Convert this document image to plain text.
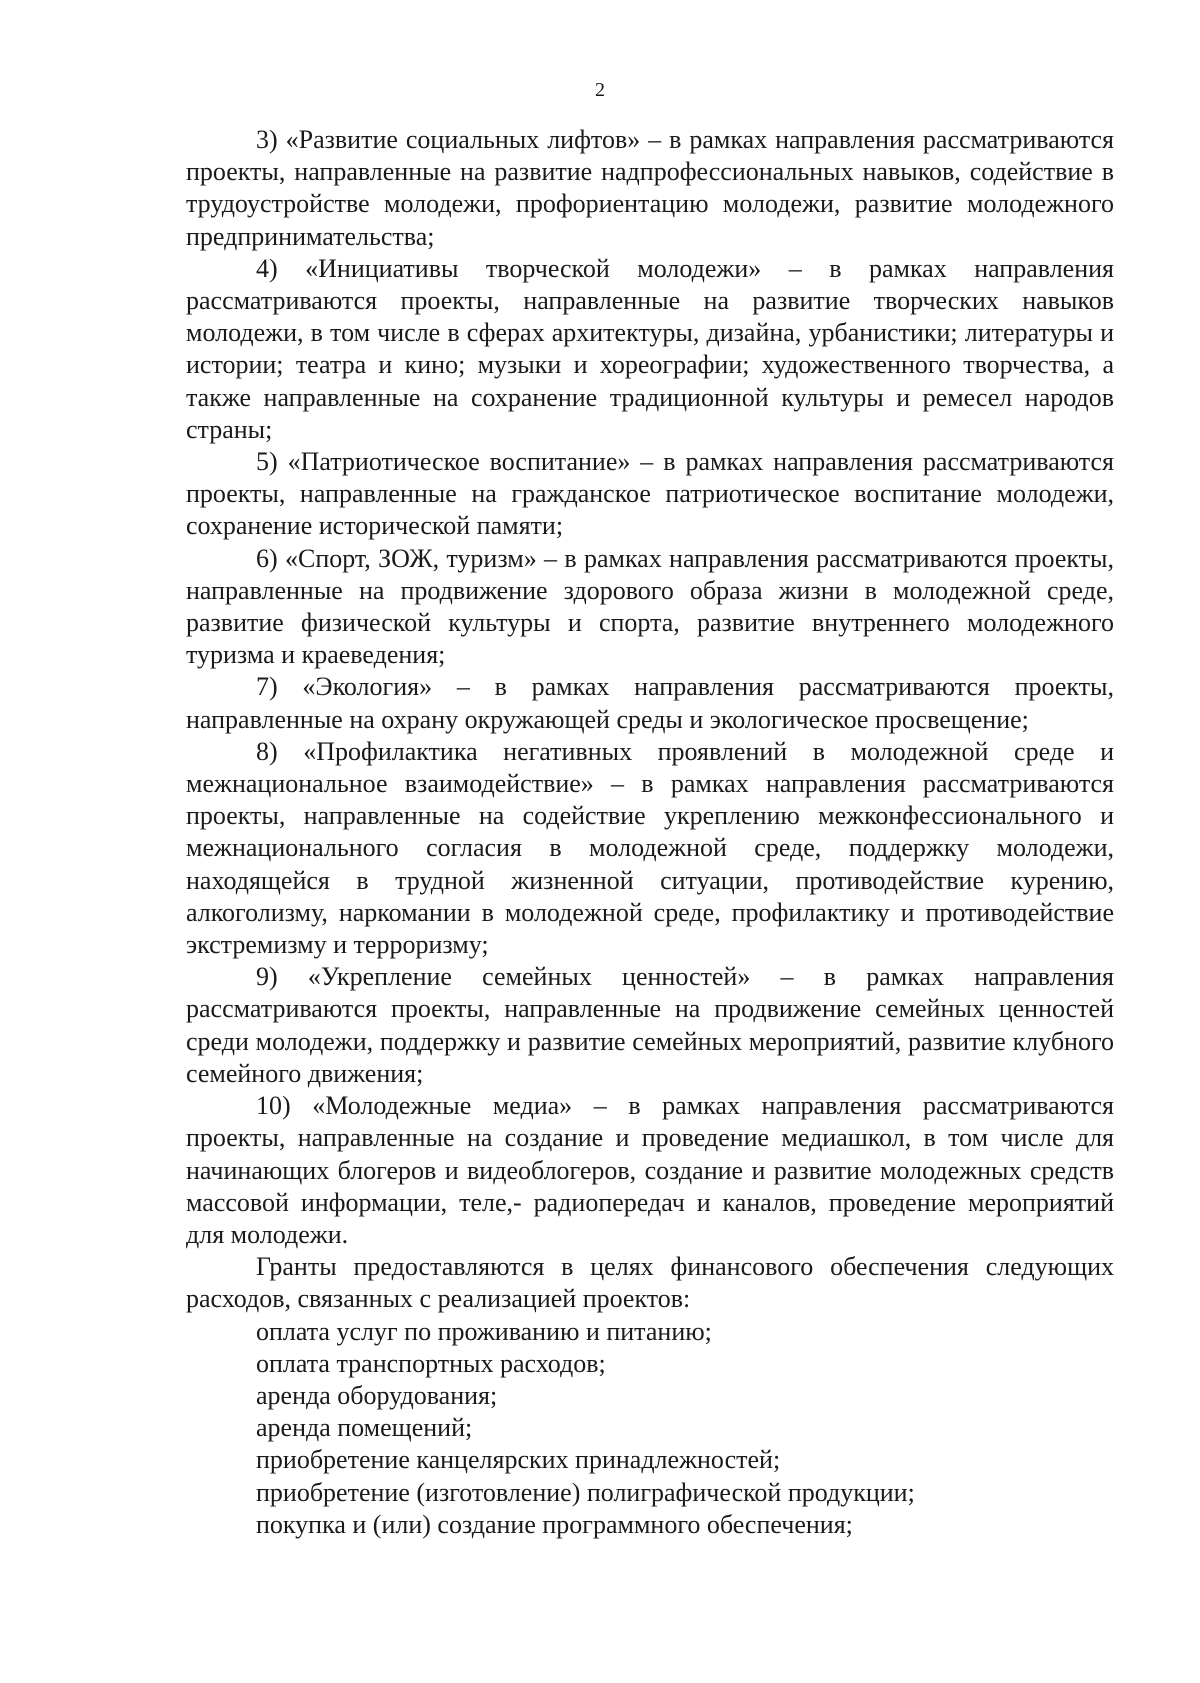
2

3) «Развитие социальных лифтов» – в рамках направления рассматриваются проекты, направленные на развитие надпрофессиональных навыков, содействие в трудоустройстве молодежи, профориентацию молодежи, развитие молодежного предпринимательства;

4) «Инициативы творческой молодежи» – в рамках направления рассматриваются проекты, направленные на развитие творческих навыков молодежи, в том числе в сферах архитектуры, дизайна, урбанистики; литературы и истории; театра и кино; музыки и хореографии; художественного творчества, а также направленные на сохранение традиционной культуры и ремесел народов страны;

5) «Патриотическое воспитание» – в рамках направления рассматриваются проекты, направленные на гражданское патриотическое воспитание молодежи, сохранение исторической памяти;

6) «Спорт, ЗОЖ, туризм» – в рамках направления рассматриваются проекты, направленные на продвижение здорового образа жизни в молодежной среде, развитие физической культуры и спорта, развитие внутреннего молодежного туризма и краеведения;

7) «Экология» – в рамках направления рассматриваются проекты, направленные на охрану окружающей среды и экологическое просвещение;

8) «Профилактика негативных проявлений в молодежной среде и межнациональное взаимодействие» – в рамках направления рассматриваются проекты, направленные на содействие укреплению межконфессионального и межнационального согласия в молодежной среде, поддержку молодежи, находящейся в трудной жизненной ситуации, противодействие курению, алкоголизму, наркомании в молодежной среде, профилактику и противодействие экстремизму и терроризму;

9) «Укрепление семейных ценностей» – в рамках направления рассматриваются проекты, направленные на продвижение семейных ценностей среди молодежи, поддержку и развитие семейных мероприятий, развитие клубного семейного движения;

10) «Молодежные медиа» – в рамках направления рассматриваются проекты, направленные на создание и проведение медиашкол, в том числе для начинающих блогеров и видеоблогеров, создание и развитие молодежных средств массовой информации, теле,- радиопередач и каналов, проведение мероприятий для молодежи.

Гранты предоставляются в целях финансового обеспечения следующих расходов, связанных с реализацией проектов:

оплата услуг по проживанию и питанию;

оплата транспортных расходов;

аренда оборудования;

аренда помещений;

приобретение канцелярских принадлежностей;

приобретение (изготовление) полиграфической продукции;

покупка и (или) создание программного обеспечения;
